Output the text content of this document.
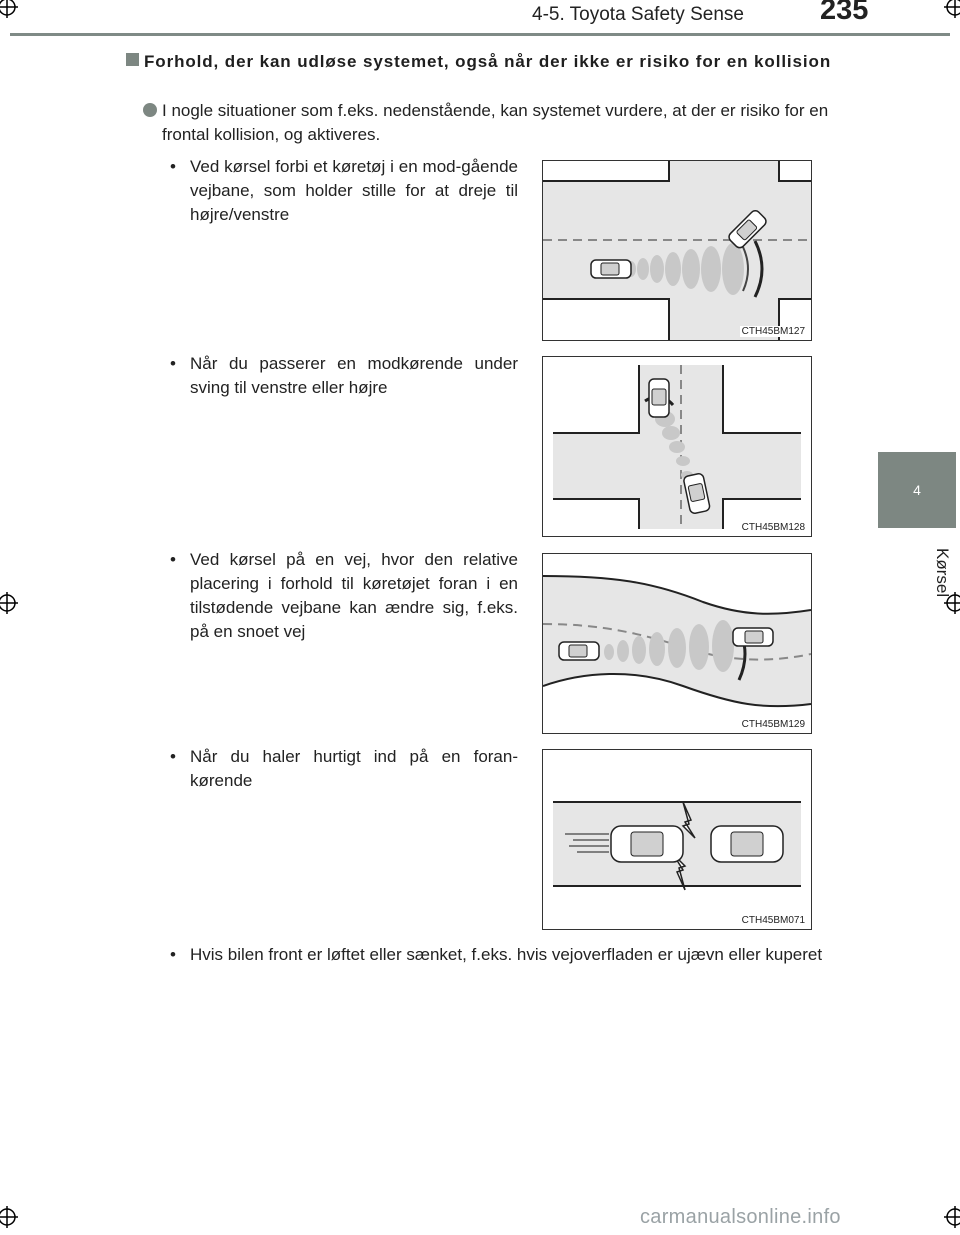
4-5. Toyota Safety Sense	235
4
Kørsel
Forhold, der kan udløse systemet, også når der ikke er risiko for en kollision
I nogle situationer som f.eks. nedenstående, kan systemet vurdere, at der er risiko for en frontal kollision, og aktiveres.
• Ved kørsel forbi et køretøj i en mod-gående vejbane, som holder stille for at dreje til højre/venstre
CTH45BM127
• Når du passerer en modkørende under sving til venstre eller højre
CTH45BM128
• Ved kørsel på en vej, hvor den relative placering i forhold til køretøjet foran i en tilstødende vejbane kan ændre sig, f.eks. på en snoet vej
CTH45BM129
• Når du haler hurtigt ind på en foran-kørende
CTH45BM071
• Hvis bilen front er løftet eller sænket, f.eks. hvis vejoverfladen er ujævn eller kuperet
carmanualsonline.info
